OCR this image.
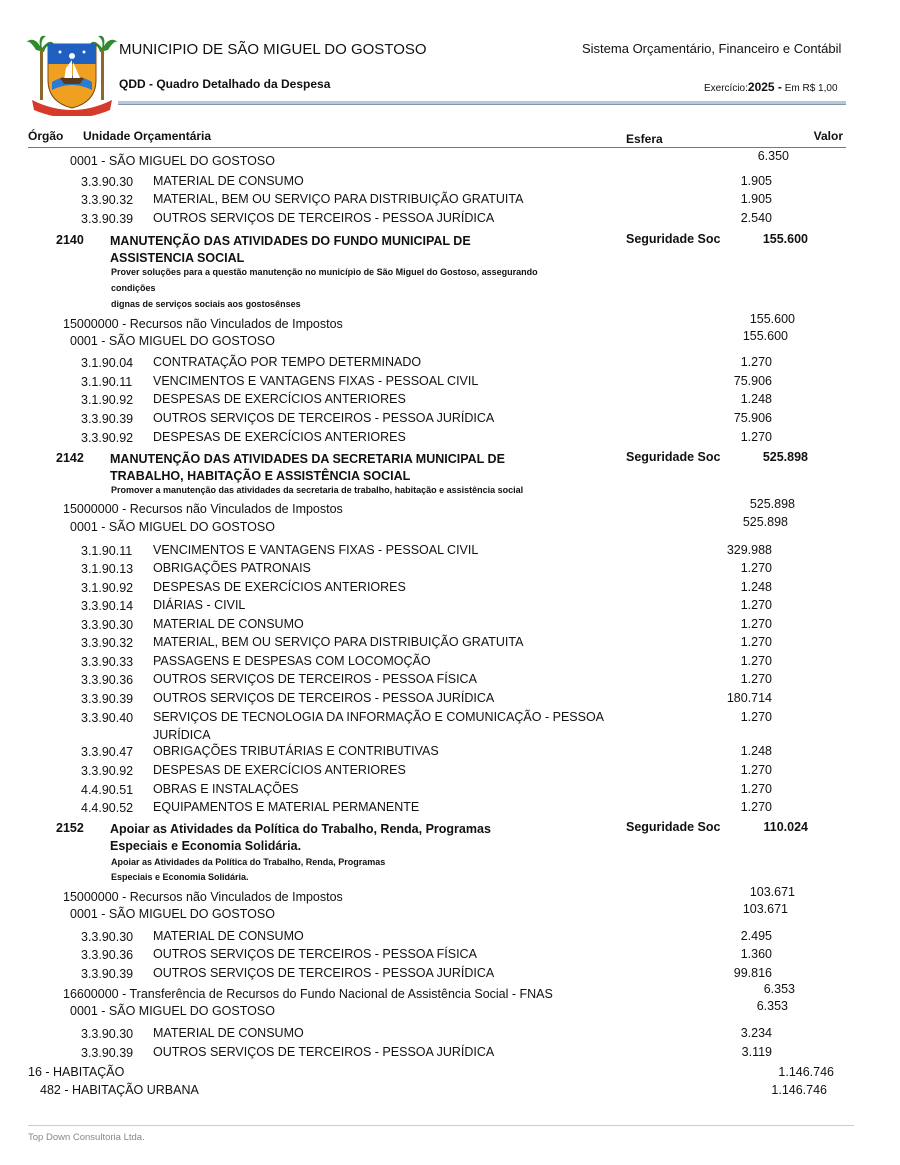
MUNICIPIO DE SÃO MIGUEL DO GOSTOSO	Sistema Orçamentário, Financeiro e Contábil
QDD - Quadro Detalhado da Despesa	Exercício:2025 - Em R$ 1,00
Órgão Unidade Orçamentária	Esfera	Valor
0001 - SÃO MIGUEL DO GOSTOSO	6.350
3.3.90.30 MATERIAL DE CONSUMO	1.905
3.3.90.32 MATERIAL, BEM OU SERVIÇO PARA DISTRIBUIÇÃO GRATUITA	1.905
3.3.90.39 OUTROS SERVIÇOS DE TERCEIROS - PESSOA JURÍDICA	2.540
2140 MANUTENÇÃO DAS ATIVIDADES DO FUNDO MUNICIPAL DE
ASSISTENCIA SOCIAL
Seguridade Soc	155.600
Prover soluções para a questão manutenção no município de São Miguel do Gostoso, assegurando
condições
dignas de serviços sociais aos gostosênses
15000000 - Recursos não Vinculados de Impostos	155.600
0001 - SÃO MIGUEL DO GOSTOSO	155.600
3.1.90.04 CONTRATAÇÃO POR TEMPO DETERMINADO	1.270
3.1.90.11 VENCIMENTOS E VANTAGENS FIXAS - PESSOAL CIVIL	75.906
3.1.90.92 DESPESAS DE EXERCÍCIOS ANTERIORES	1.248
3.3.90.39 OUTROS SERVIÇOS DE TERCEIROS - PESSOA JURÍDICA	75.906
3.3.90.92 DESPESAS DE EXERCÍCIOS ANTERIORES	1.270
2142 MANUTENÇÃO DAS ATIVIDADES DA SECRETARIA MUNICIPAL DE
TRABALHO, HABITAÇÃO E ASSISTÊNCIA SOCIAL
Seguridade Soc	525.898
Promover a manutenção das atividades da secretaria de trabalho, habitação e assistência social
15000000 - Recursos não Vinculados de Impostos	525.898
0001 - SÃO MIGUEL DO GOSTOSO	525.898
3.1.90.11 VENCIMENTOS E VANTAGENS FIXAS - PESSOAL CIVIL	329.988
3.1.90.13 OBRIGAÇÕES PATRONAIS	1.270
3.1.90.92 DESPESAS DE EXERCÍCIOS ANTERIORES	1.248
3.3.90.14 DIÁRIAS - CIVIL	1.270
3.3.90.30 MATERIAL DE CONSUMO	1.270
3.3.90.32 MATERIAL, BEM OU SERVIÇO PARA DISTRIBUIÇÃO GRATUITA	1.270
3.3.90.33 PASSAGENS E DESPESAS COM LOCOMOÇÃO	1.270
3.3.90.36 OUTROS SERVIÇOS DE TERCEIROS - PESSOA FÍSICA	1.270
3.3.90.39 OUTROS SERVIÇOS DE TERCEIROS - PESSOA JURÍDICA	180.714
3.3.90.40 SERVIÇOS DE TECNOLOGIA DA INFORMAÇÃO E COMUNICAÇÃO - PESSOA
JURÍDICA
1.270
3.3.90.47 OBRIGAÇÕES TRIBUTÁRIAS E CONTRIBUTIVAS	1.248
3.3.90.92 DESPESAS DE EXERCÍCIOS ANTERIORES	1.270
4.4.90.51 OBRAS E INSTALAÇÕES	1.270
4.4.90.52 EQUIPAMENTOS E MATERIAL PERMANENTE	1.270
2152 Apoiar as Atividades da Política do Trabalho, Renda, Programas
Especiais e Economia Solidária.
Seguridade Soc	110.024
Apoiar as Atividades da Política do Trabalho, Renda, Programas
Especiais e Economia Solidária.
15000000 - Recursos não Vinculados de Impostos	103.671
0001 - SÃO MIGUEL DO GOSTOSO	103.671
3.3.90.30 MATERIAL DE CONSUMO	2.495
3.3.90.36 OUTROS SERVIÇOS DE TERCEIROS - PESSOA FÍSICA	1.360
3.3.90.39 OUTROS SERVIÇOS DE TERCEIROS - PESSOA JURÍDICA	99.816
16600000 - Transferência de Recursos do Fundo Nacional de Assistência Social - FNAS	6.353
0001 - SÃO MIGUEL DO GOSTOSO	6.353
3.3.90.30 MATERIAL DE CONSUMO	3.234
3.3.90.39 OUTROS SERVIÇOS DE TERCEIROS - PESSOA JURÍDICA	3.119
16 - HABITAÇÃO	1.146.746
482 - HABITAÇÃO URBANA	1.146.746
Top Down Consultoria Ltda.
